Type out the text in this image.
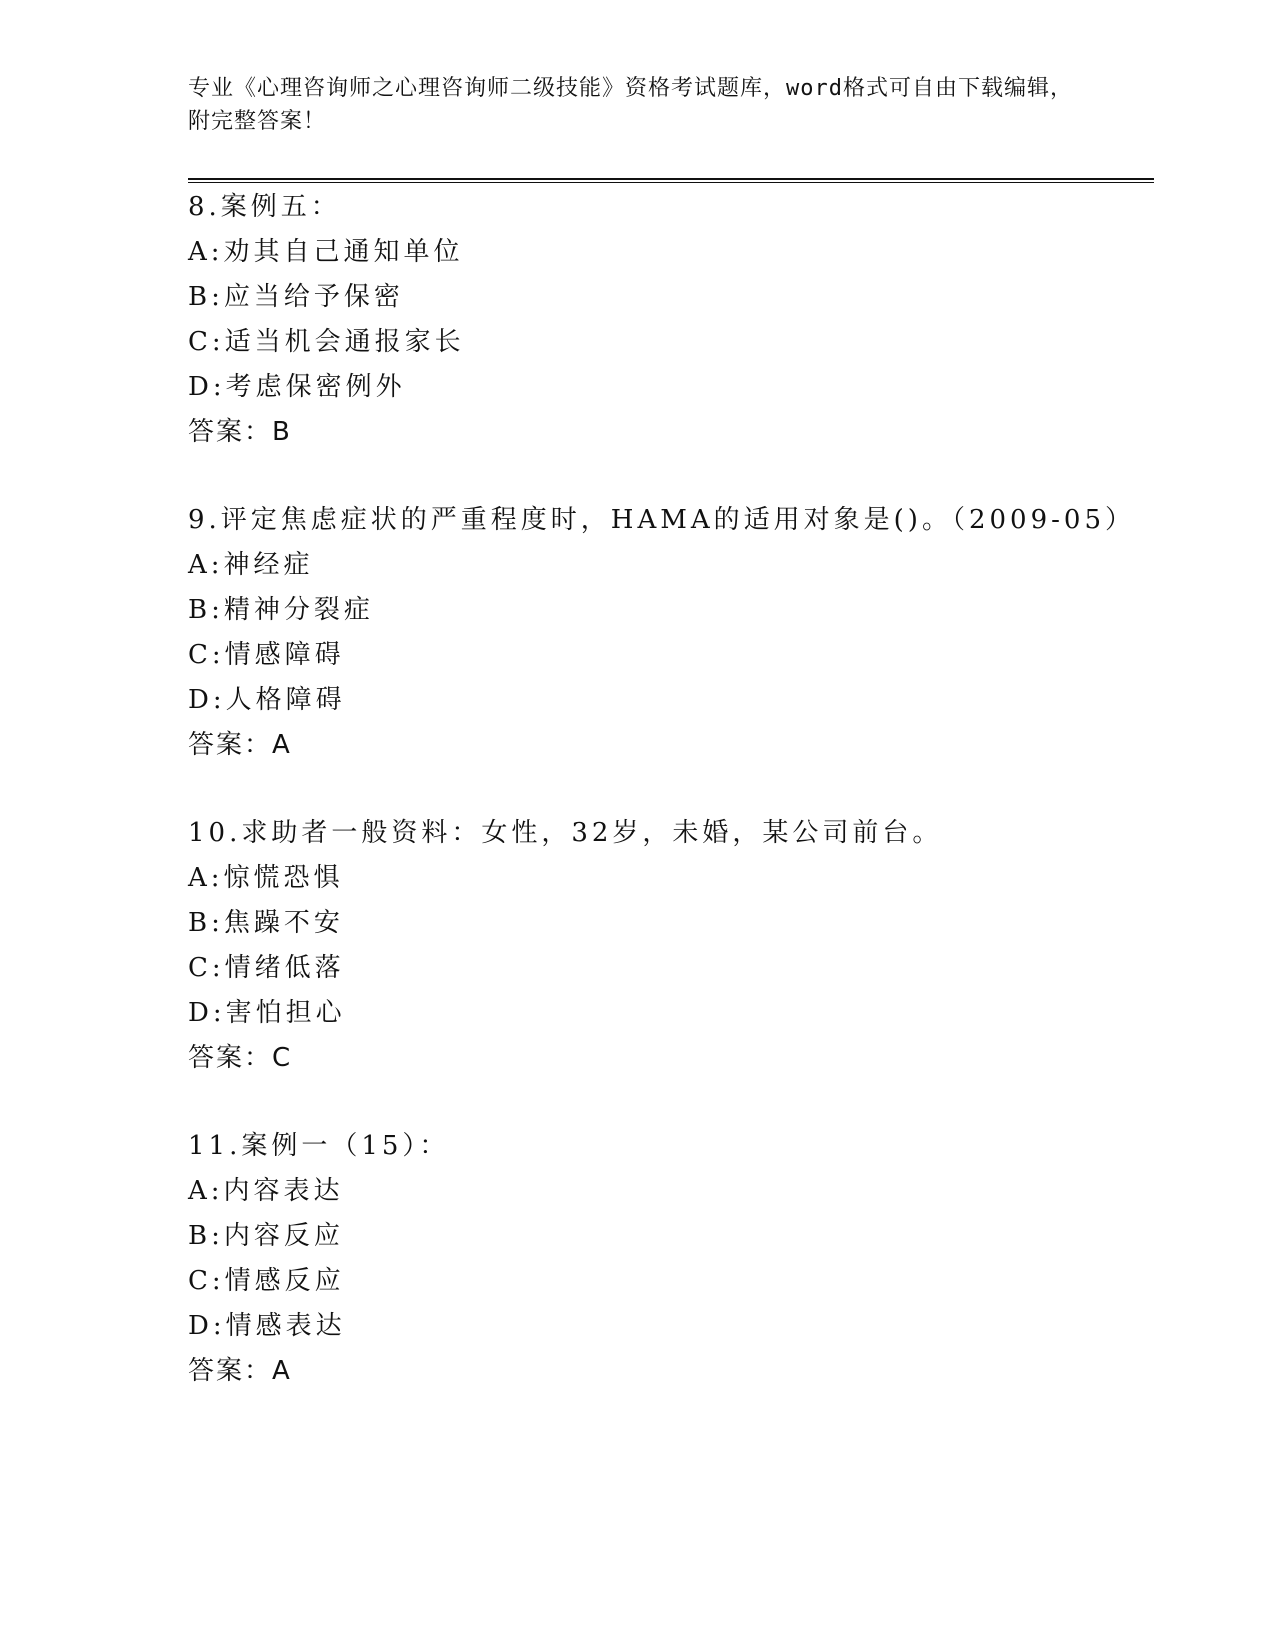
专业《心理咨询师之心理咨询师二级技能》资格考试题库，word格式可自由下载编辑，附完整答案！
8.案例五：
A:劝其自己通知单位
B:应当给予保密
C:适当机会通报家长
D:考虑保密例外
答案：B
9.评定焦虑症状的严重程度时，HAMA的适用对象是()。（2009-05）
A:神经症
B:精神分裂症
C:情感障碍
D:人格障碍
答案：A
10.求助者一般资料：女性，32岁，未婚，某公司前台。
A:惊慌恐惧
B:焦躁不安
C:情绪低落
D:害怕担心
答案：C
11.案例一（15）：
A:内容表达
B:内容反应
C:情感反应
D:情感表达
答案：A
